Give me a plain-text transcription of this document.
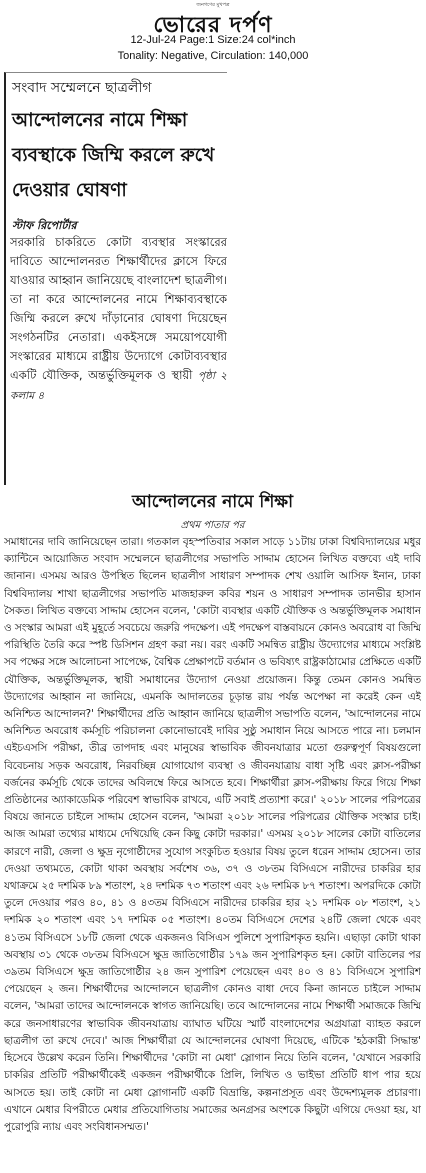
জনগণের মুখপত্র
ভোরের দর্পণ
12-Jul-24 Page:1 Size:24 col*inch
Tonality: Negative, Circulation: 140,000
সংবাদ সম্মেলনে ছাত্রলীগ
আন্দোলনের নামে শিক্ষা ব্যবস্থাকে জিম্মি করলে রুখে দেওয়ার ঘোষণা
স্টাফ রিপোর্টার
সরকারি চাকরিতে কোটা ব্যবস্থার সংস্কারের দাবিতে আন্দোলনরত শিক্ষার্থীদের ক্লাসে ফিরে যাওয়ার আহ্বান জানিয়েছে বাংলাদেশ ছাত্রলীগ। তা না করে আন্দোলনের নামে শিক্ষাব্যবস্থাকে জিম্মি করলে রুখে দাঁড়ানোর ঘোষণা দিয়েছেন সংগঠনটির নেতারা। একইসঙ্গে সময়োপযোগী সংস্কারের মাধ্যমে রাষ্ট্রীয় উদ্যোগে কোটাব্যবস্থার একটি যৌক্তিক, অন্তর্ভুক্তিমূলক ও স্থায়ী পৃষ্ঠা ২ কলাম ৪
আন্দোলনের নামে শিক্ষা
প্রথম পাতার পর
সমাধানের দাবি জানিয়েছেন তারা। গতকাল বৃহস্পতিবার সকাল সাড়ে ১১টায় ঢাকা বিশ্ববিদ্যালয়ের মধুর ক্যান্টিনে আয়োজিত সংবাদ সম্মেলনে ছাত্রলীগের সভাপতি সাদ্দাম হোসেন লিখিত বক্তব্যে এই দাবি জানান। এসময় আরও উপস্থিত ছিলেন ছাত্রলীগ সাধারণ সম্পাদক শেখ ওয়ালি আসিফ ইনান, ঢাকা বিশ্ববিদ্যালয় শাখা ছাত্রলীগের সভাপতি মাজহারুল কবির শয়ন ও সাধারণ সম্পাদক তানভীর হাসান সৈকত। লিখিত বক্তব্যে সাদ্দাম হোসেন বলেন, 'কোটা ব্যবস্থার একটি যৌক্তিক ও অন্তর্ভুক্তিমূলক সমাধান ও সংস্কার আমরা এই মুহূর্তে সবচেয়ে জরুরি পদক্ষেপ। এই পদক্ষেপ বাস্তবায়নে কোনও অবরোধ বা জিম্মি পরিস্থিতি তৈরি করে স্পষ্ট ডিসিশন গ্রহণ করা নয়। বরং একটি সমন্বিত রাষ্ট্রীয় উদ্যোগের মাধ্যমে সংশ্লিষ্ট সব পক্ষের সঙ্গে আলোচনা সাপেক্ষে, বৈশ্বিক প্রেক্ষাপটে বর্তমান ও ভবিষ্যৎ রাষ্ট্রকাঠামোর প্রেক্ষিতে একটি যৌক্তিক, অন্তর্ভুক্তিমূলক, স্থায়ী সমাধানের উদ্যোগ নেওয়া প্রয়োজন। কিন্তু তেমন কোনও সমন্বিত উদ্যোগের আহ্বান না জানিয়ে, এমনকি আদালতের চূড়ান্ত রায় পর্যন্ত অপেক্ষা না করেই কেন এই অনিশ্চিত আন্দোলন?' শিক্ষার্থীদের প্রতি আহ্বান জানিয়ে ছাত্রলীগ সভাপতি বলেন, 'আন্দোলনের নামে অনিশ্চিত অবরোধ কর্মসূচি পরিচালনা কোনোভাবেই দাবির সুষ্ঠু সমাধান নিয়ে আসতে পারে না। চলমান এইচএসসি পরীক্ষা, তীব্র তাপদাহ এবং মানুষের স্বাভাবিক জীবনযাত্রার মতো গুরুত্বপূর্ণ বিষয়গুলো বিবেচনায় সড়ক অবরোধ, নিরবচ্ছিন্ন যোগাযোগ ব্যবস্থা ও জীবনযাত্রায় বাধা সৃষ্টি এবং ক্লাস-পরীক্ষা বর্জনের কর্মসূচি থেকে তাদের অবিলম্বে ফিরে আসতে হবে। শিক্ষার্থীরা ক্লাস-পরীক্ষায় ফিরে গিয়ে শিক্ষা প্রতিষ্ঠানের অ্যাকাডেমিক পরিবেশ স্বাভাবিক রাখবে, এটি সবাই প্রত্যাশা করে।' ২০১৮ সালের পরিপত্রের বিষয়ে জানতে চাইলে সাদ্দাম হোসেন বলেন, 'আমরা ২০১৮ সালের পরিপত্রের যৌক্তিক সংস্কার চাই। আজ আমরা তথ্যের মাধ্যমে দেখিয়েছি কেন কিছু কোটা দরকার।' এসময় ২০১৮ সালের কোটা বাতিলের কারণে নারী, জেলা ও ক্ষুদ্র নৃগোষ্ঠীদের সুযোগ সংকুচিত হওয়ার বিষয় তুলে ধরেন সাদ্দাম হোসেন। তার দেওয়া তথ্যমতে, কোটা থাকা অবস্থায় সর্বশেষ ৩৬, ৩৭ ও ৩৮তম বিসিএসে নারীদের চাকরির হার যথাক্রমে ২৫ দশমিক ৮৯ শতাংশ, ২৪ দশমিক ৭৩ শতাংশ এবং ২৬ দশমিক ৮৭ শতাংশ। অপরদিকে কোটা তুলে দেওয়ার পরও ৪০, ৪১ ও ৪৩তম বিসিএসে নারীদের চাকরির হার ২১ দশমিক ০৮ শতাংশ, ২১ দশমিক ২০ শতাংশ এবং ১৭ দশমিক ০৫ শতাংশ। ৪০তম বিসিএসে দেশের ২৪টি জেলা থেকে এবং ৪১তম বিসিএসে ১৮টি জেলা থেকে একজনও বিসিএস পুলিশে সুপারিশকৃত হয়নি। এছাড়া কোটা থাকা অবস্থায় ৩১ থেকে ৩৮তম বিসিএসে ক্ষুদ্র জাতিগোষ্ঠীর ১৭৯ জন সুপারিশকৃত হন। কোটা বাতিলের পর ৩৯তম বিসিএসে ক্ষুদ্র জাতিগোষ্ঠীর ২৪ জন সুপারিশ পেয়েছেন এবং ৪০ ও ৪১ বিসিএসে সুপারিশ পেয়েছেন ২ জন। শিক্ষার্থীদের আন্দোলনে ছাত্রলীগ কোনও বাধা দেবে কিনা জানতে চাইলে সাদ্দাম বলেন, 'আমরা তাদের আন্দোলনকে স্বাগত জানিয়েছি। তবে আন্দোলনের নামে শিক্ষার্থী সমাজকে জিম্মি করে জনসাধারণের স্বাভাবিক জীবনযাত্রায় ব্যাঘাত ঘটিয়ে স্মার্ট বাংলাদেশের অগ্রযাত্রা ব্যাহত করলে ছাত্রলীগ তা রুখে দেবে।' আজ শিক্ষার্থীরা যে আন্দোলনের ঘোষণা দিয়েছে, এটিকে 'হঠকারী সিদ্ধান্ত' হিসেবে উল্লেখ করেন তিনি। শিক্ষার্থীদের 'কোটা না মেধা' স্লোগান নিয়ে তিনি বলেন, 'যেখানে সরকারি চাকরির প্রতিটি পরীক্ষার্থীকেই একজন পরীক্ষার্থীকে প্রিলি, লিখিত ও ভাইভা প্রতিটি ধাপ পার হয়ে আসতে হয়। তাই কোটা না মেধা স্লোগানটি একটি বিভ্রান্তি, কল্পনাপ্রসূত এবং উদ্দেশ্যমূলক প্রচারণা। এখানে মেধার বিপরীতে মেধার প্রতিযোগিতায় সমাজের অনগ্রসর অংশকে কিছুটা এগিয়ে দেওয়া হয়, যা পুরোপুরি ন্যায় এবং সংবিধানসম্মত।'
